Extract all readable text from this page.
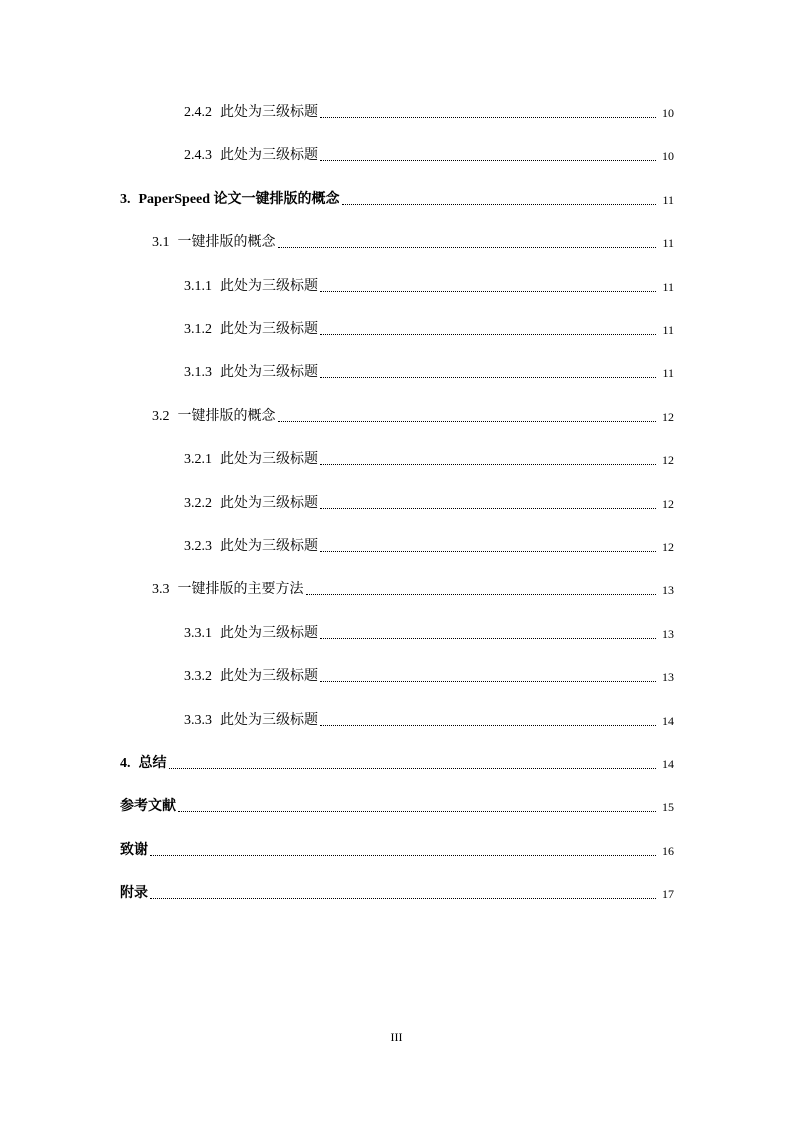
2.4.2 此处为三级标题	10
2.4.3 此处为三级标题	10
3. PaperSpeed 论文一键排版的概念	11
3.1 一键排版的概念	11
3.1.1 此处为三级标题	11
3.1.2 此处为三级标题	11
3.1.3 此处为三级标题	11
3.2 一键排版的概念	12
3.2.1 此处为三级标题	12
3.2.2 此处为三级标题	12
3.2.3 此处为三级标题	12
3.3 一键排版的主要方法	13
3.3.1 此处为三级标题	13
3.3.2 此处为三级标题	13
3.3.3 此处为三级标题	14
4. 总结	14
参考文献	15
致谢	16
附录	17
III
